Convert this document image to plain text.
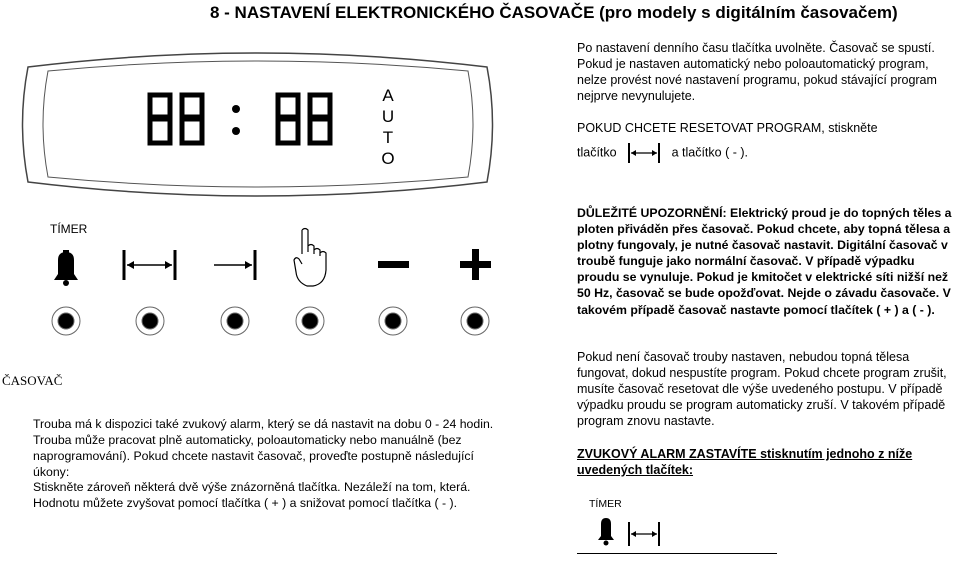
8 - NASTAVENÍ ELEKTRONICKÉHO ČASOVAČE (pro modely s digitálním časovačem)
A
U
T
O
Po nastavení denního času tlačítka uvolněte. Časovač se spustí. Pokud je nastaven automatický nebo poloautomatický program, nelze provést nové nastavení programu, pokud stávající program nejprve nevynulujete.
POKUD CHCETE RESETOVAT PROGRAM, stiskněte
tlačítko	a tlačítko ( - ).
DŮLEŽITÉ UPOZORNĚNÍ: Elektrický proud je do topných těles a ploten přiváděn přes časovač. Pokud chcete, aby topná tělesa a plotny fungovaly, je nutné časovač nastavit. Digitální časovač v troubě funguje jako normální časovač. V případě výpadku proudu se vynuluje. Pokud je kmitočet v elektrické síti nižší než 50 Hz, časovač se bude opožďovat. Nejde o závadu časovače. V takovém případě časovač nastavte pomocí tlačítek ( + ) a ( - ).
Pokud není časovač trouby nastaven, nebudou topná tělesa fungovat, dokud nespustíte program. Pokud chcete program zrušit, musíte časovač resetovat dle výše uvedeného postupu. V případě výpadku proudu se program automaticky zruší. V takovém případě program znovu nastavte.
ZVUKOVÝ ALARM ZASTAVÍTE stisknutím jednoho z níže uvedených tlačítek:
TÍMER
TÍMER
ČASOVAČ
Trouba má k dispozici také zvukový alarm, který se dá nastavit na dobu 0 - 24 hodin. Trouba může pracovat plně automaticky, poloautomaticky nebo manuálně (bez naprogramování). Pokud chcete nastavit časovač, proveďte postupně následující úkony:
Stiskněte zároveň některá dvě výše znázorněná tlačítka. Nezáleží na tom, která. Hodnotu můžete zvyšovat pomocí tlačítka ( + ) a snižovat pomocí tlačítka ( - ).
